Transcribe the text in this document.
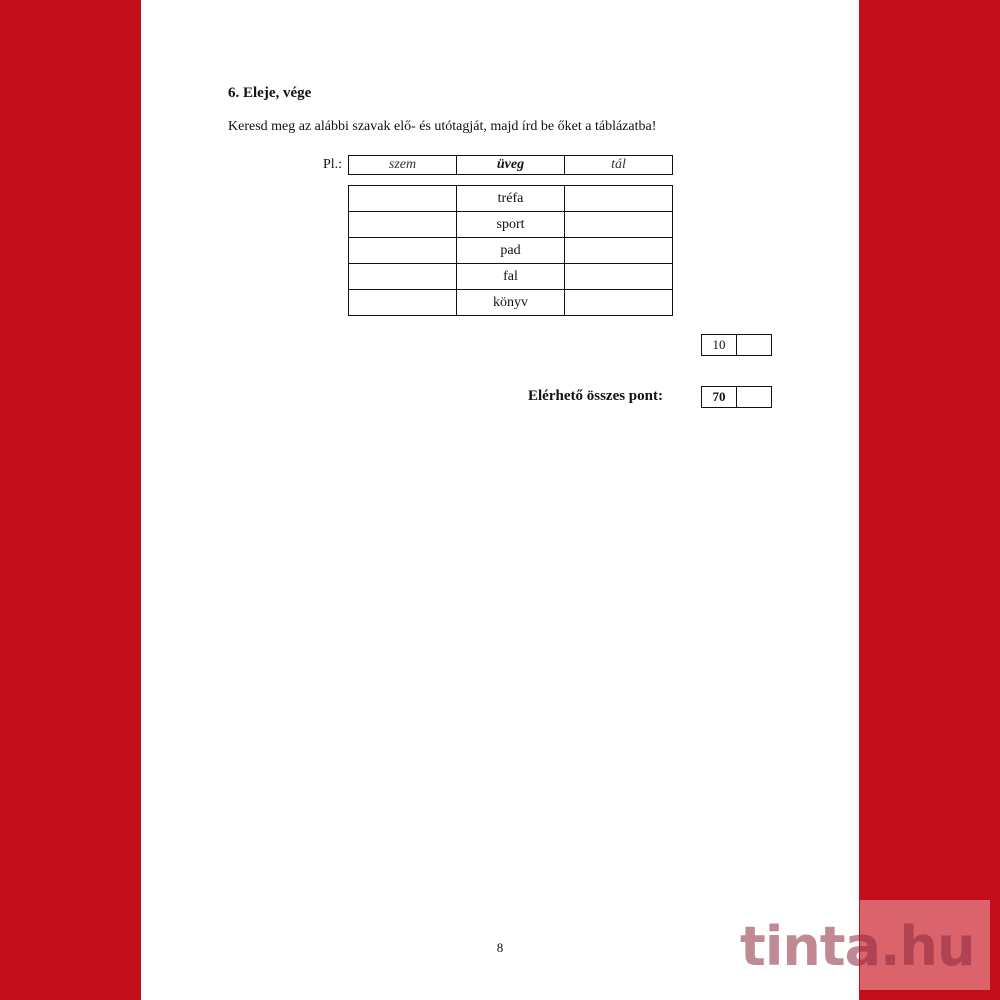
6. Eleje, vége
Keresd meg az alábbi szavak elő- és utótagját, majd írd be őket a táblázatba!
Pl.:	szem	üveg	tál
	tréfa	
	sport	
	pad	
	fal	
	könyv	
10	
Elérhető összes pont:	70	
8	tinta.hu
